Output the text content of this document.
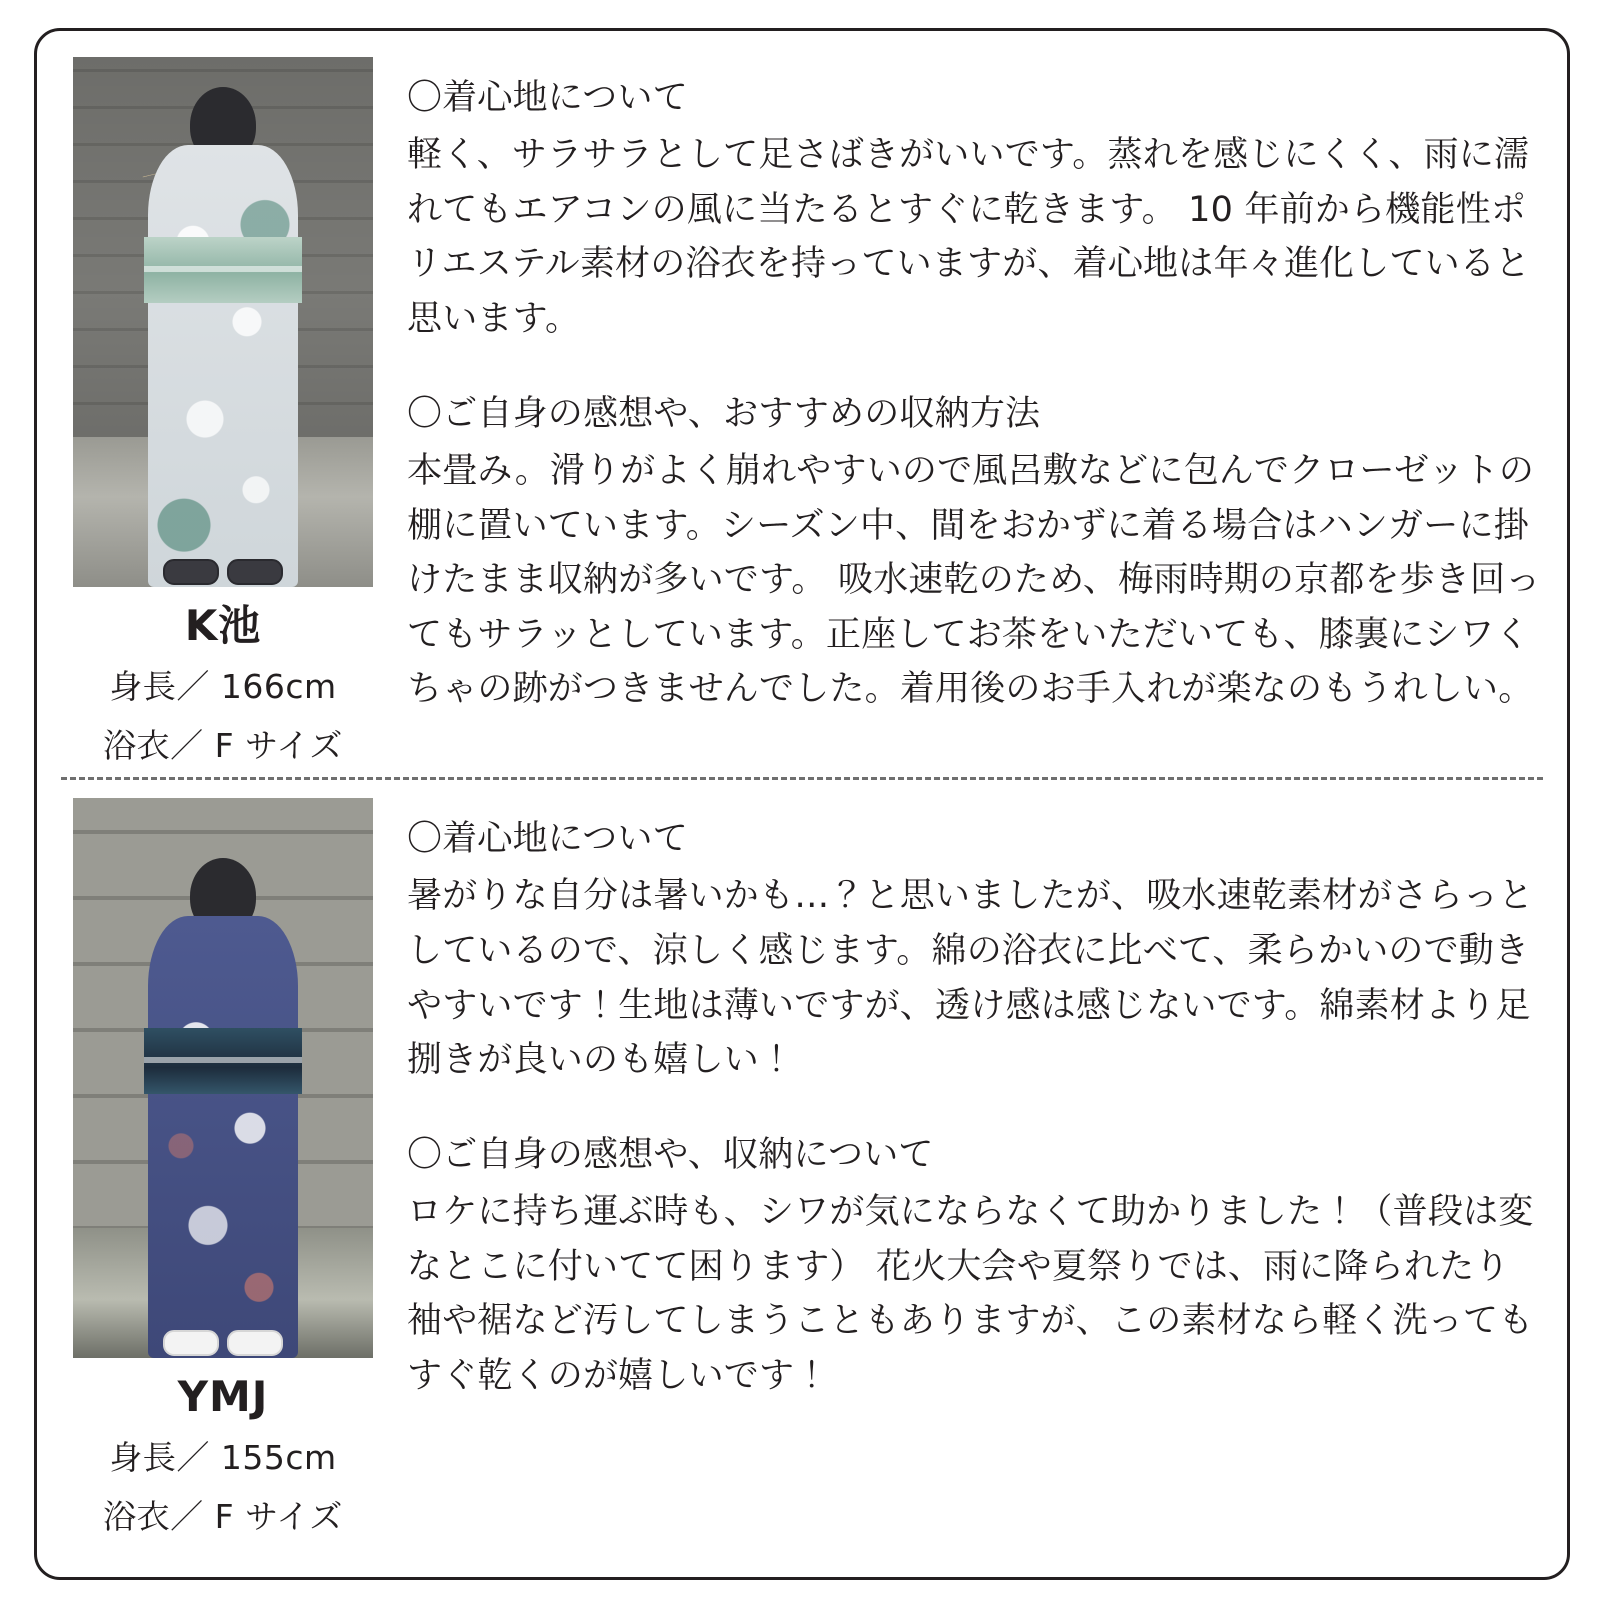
K池
身長／ 166cm
浴衣／ F サイズ

〇着心地について

軽く、サラサラとして足さばきがいいです。蒸れを感じにくく、雨に濡れてもエアコンの風に当たるとすぐに乾きます。 10 年前から機能性ポリエステル素材の浴衣を持っていますが、着心地は年々進化していると思います。

〇ご自身の感想や、おすすめの収納方法

本畳み。滑りがよく崩れやすいので風呂敷などに包んでクローゼットの棚に置いています。シーズン中、間をおかずに着る場合はハンガーに掛けたまま収納が多いです。 吸水速乾のため、梅雨時期の京都を歩き回ってもサラッとしています。正座してお茶をいただいても、膝裏にシワくちゃの跡がつきませんでした。着用後のお手入れが楽なのもうれしい。

YMJ
身長／ 155cm
浴衣／ F サイズ

〇着心地について

暑がりな自分は暑いかも…？と思いましたが、吸水速乾素材がさらっとしているので、涼しく感じます。綿の浴衣に比べて、柔らかいので動きやすいです！生地は薄いですが、透け感は感じないです。綿素材より足捌きが良いのも嬉しい！

〇ご自身の感想や、収納について

ロケに持ち運ぶ時も、シワが気にならなくて助かりました！（普段は変なとこに付いてて困ります） 花火大会や夏祭りでは、雨に降られたり袖や裾など汚してしまうこともありますが、この素材なら軽く洗ってもすぐ乾くのが嬉しいです！
